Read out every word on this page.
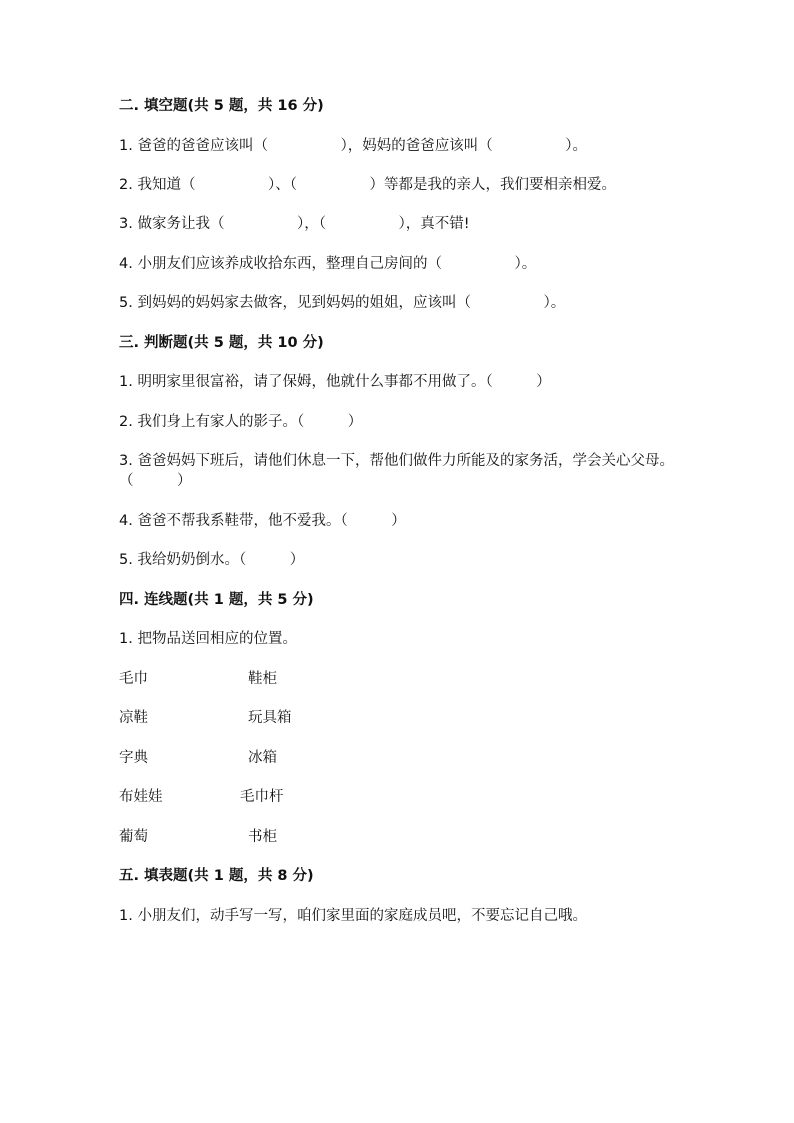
二. 填空题(共 5 题，共 16 分)
1. 爸爸的爸爸应该叫（　　　　　），妈妈的爸爸应该叫（　　　　　）。
2. 我知道（　　　　　）、（　　　　　）等都是我的亲人，我们要相亲相爱。
3. 做家务让我（　　　　　），（　　　　　），真不错!
4. 小朋友们应该养成收拾东西，整理自己房间的（　　　　　）。
5. 到妈妈的妈妈家去做客，见到妈妈的姐姐，应该叫（　　　　　）。
三. 判断题(共 5 题，共 10 分)
1. 明明家里很富裕，请了保姆，他就什么事都不用做了。（　　　）
2. 我们身上有家人的影子。（　　　）
3. 爸爸妈妈下班后，请他们休息一下，帮他们做件力所能及的家务活，学会关心父母。（　　　）
4. 爸爸不帮我系鞋带，他不爱我。（　　　）
5. 我给奶奶倒水。（　　　）
四. 连线题(共 1 题，共 5 分)
1. 把物品送回相应的位置。
毛巾	鞋柜
凉鞋	玩具箱
字典	冰箱
布娃娃	毛巾杆
葡萄	书柜
五. 填表题(共 1 题，共 8 分)
1. 小朋友们，动手写一写，咱们家里面的家庭成员吧，不要忘记自己哦。
